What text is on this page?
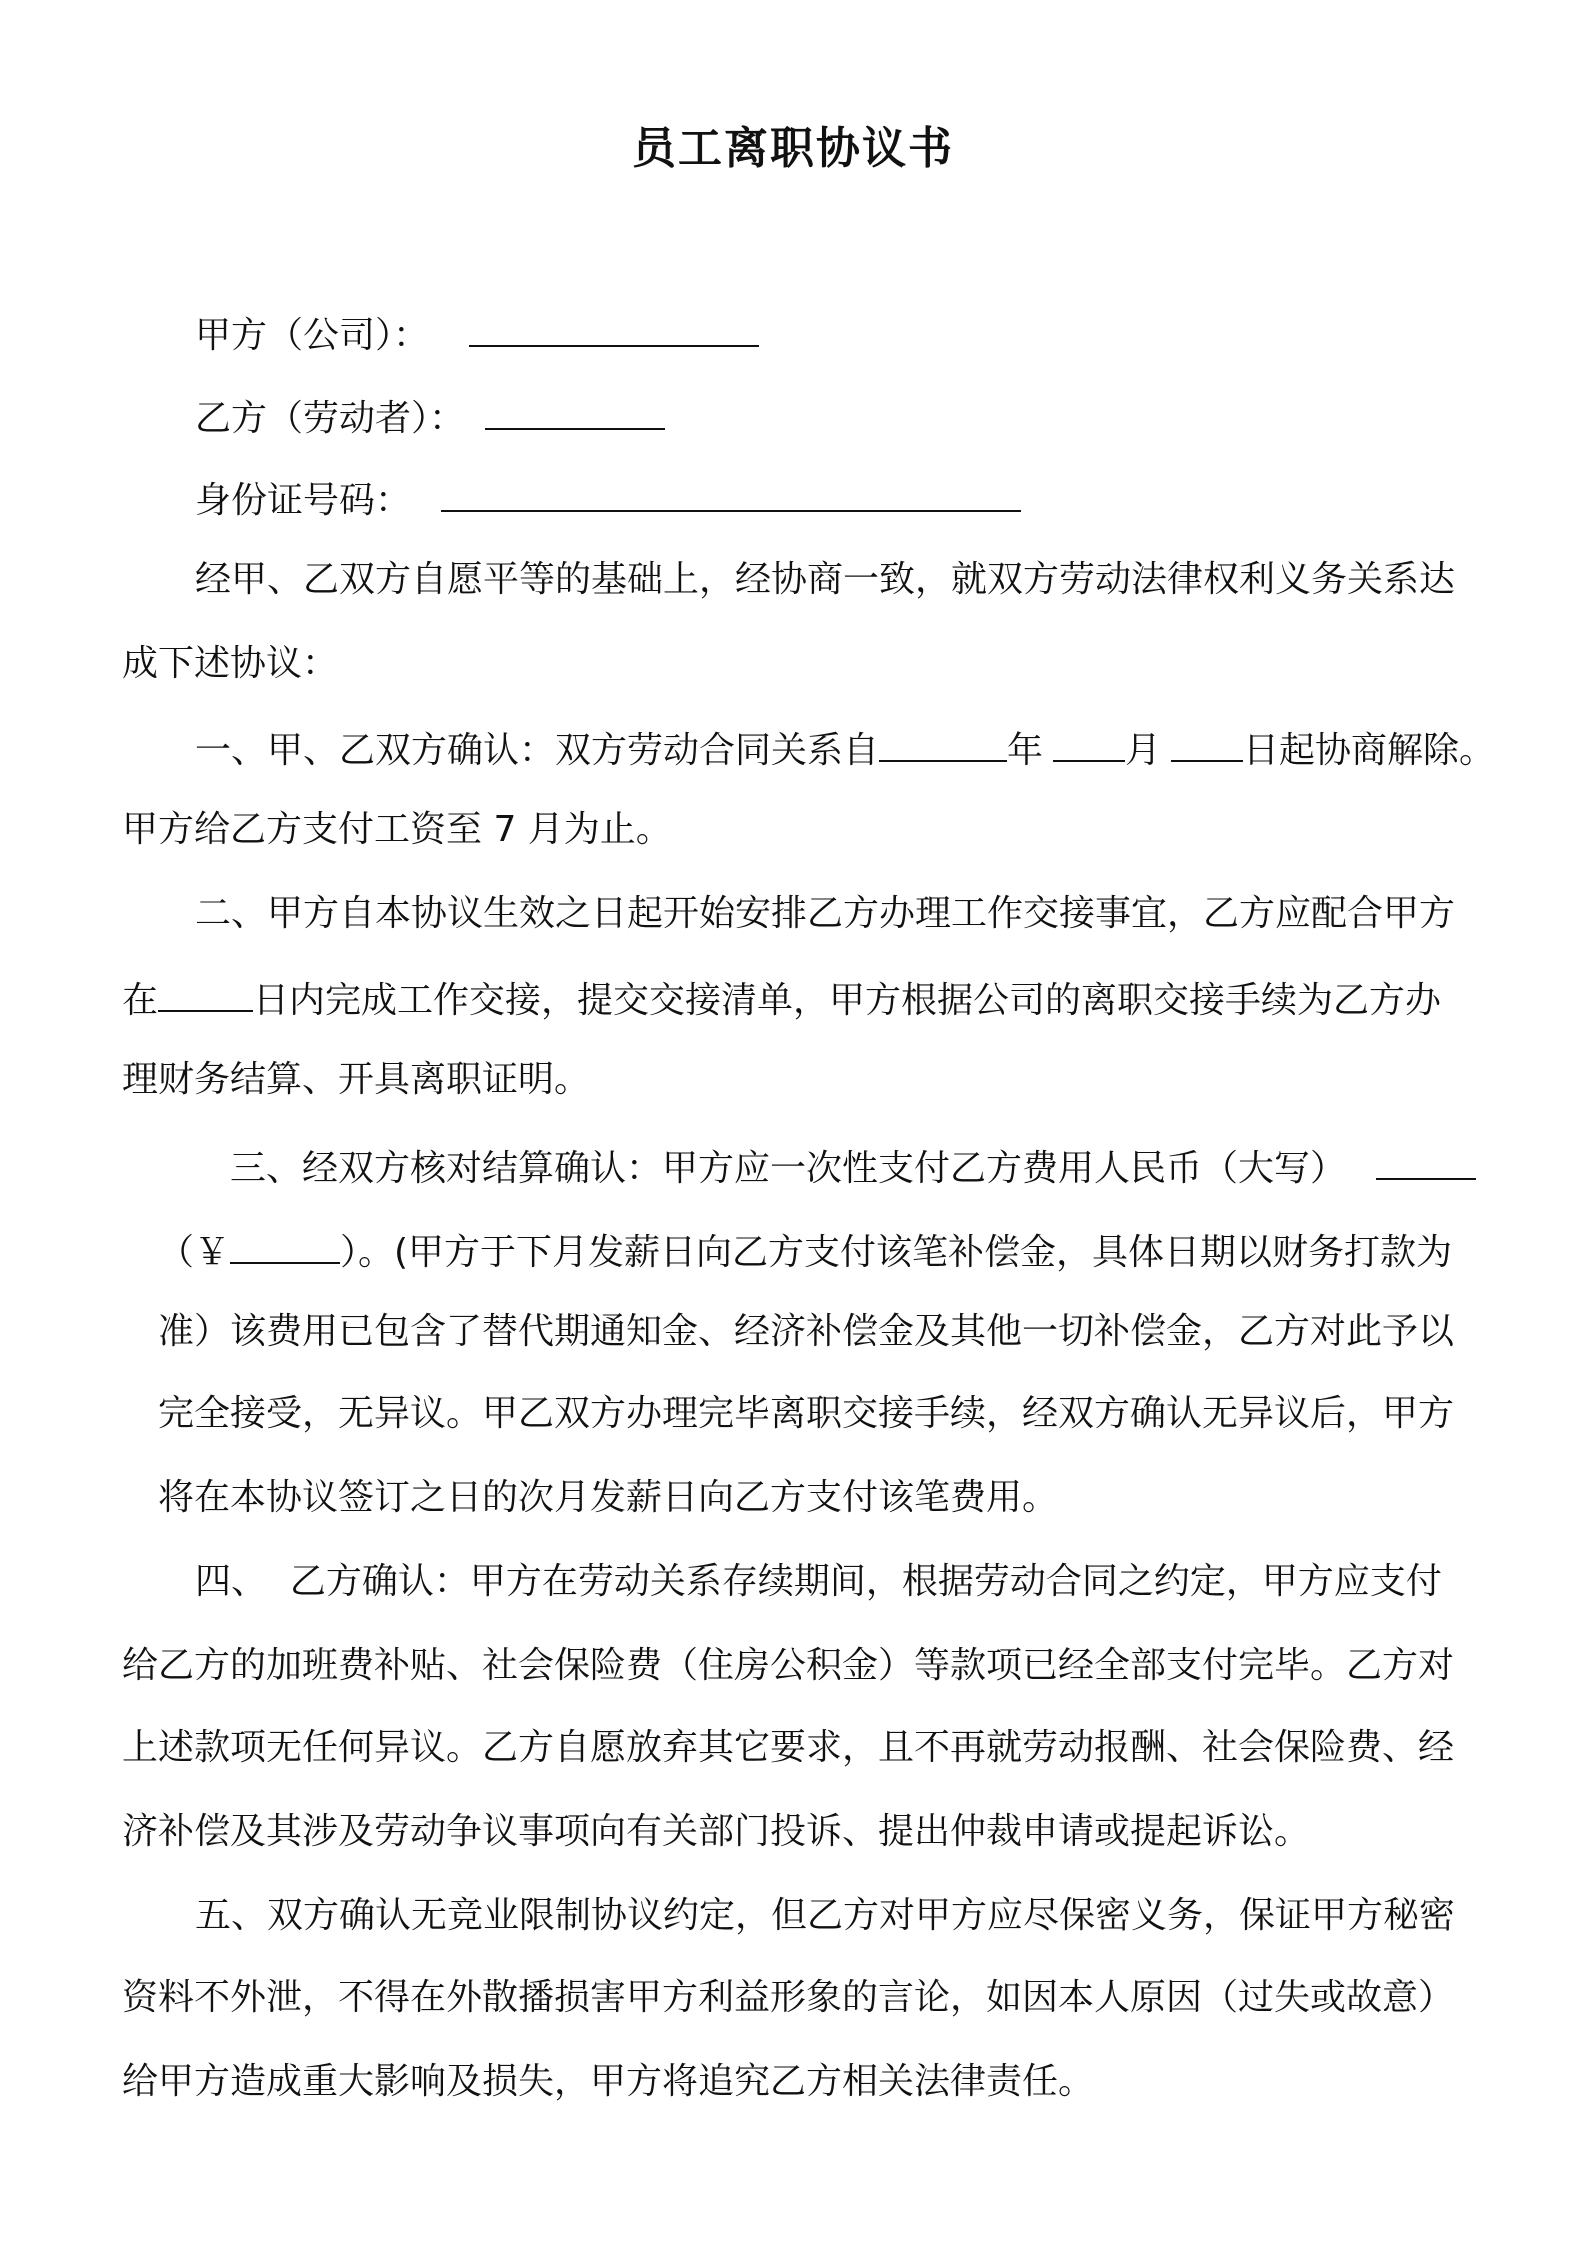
员工离职协议书
甲方（公司）：
乙方（劳动者）：
身份证号码：
经甲、乙双方自愿平等的基础上，经协商一致，就双方劳动法律权利义务关系达
成下述协议：
一、甲、乙双方确认：双方劳动合同关系自	年 月 日起协商解除。
甲方给乙方支付工资至 7 月为止。
二、甲方自本协议生效之日起开始安排乙方办理工作交接事宜，乙方应配合甲方
在	日内完成工作交接，提交交接清单，甲方根据公司的离职交接手续为乙方办
理财务结算、开具离职证明。
三、经双方核对结算确认：甲方应一次性支付乙方费用人民币（大写）
（￥	）。(甲方于下月发薪日向乙方支付该笔补偿金，具体日期以财务打款为
准）该费用已包含了替代期通知金、经济补偿金及其他一切补偿金，乙方对此予以
完全接受，无异议。甲乙双方办理完毕离职交接手续，经双方确认无异议后，甲方
将在本协议签订之日的次月发薪日向乙方支付该笔费用。
四、  乙方确认：甲方在劳动关系存续期间，根据劳动合同之约定，甲方应支付
给乙方的加班费补贴、社会保险费（住房公积金）等款项已经全部支付完毕。乙方对
上述款项无任何异议。乙方自愿放弃其它要求，且不再就劳动报酬、社会保险费、经
济补偿及其涉及劳动争议事项向有关部门投诉、提出仲裁申请或提起诉讼。
五、双方确认无竞业限制协议约定，但乙方对甲方应尽保密义务，保证甲方秘密
资料不外泄，不得在外散播损害甲方利益形象的言论，如因本人原因（过失或故意）
给甲方造成重大影响及损失，甲方将追究乙方相关法律责任。
